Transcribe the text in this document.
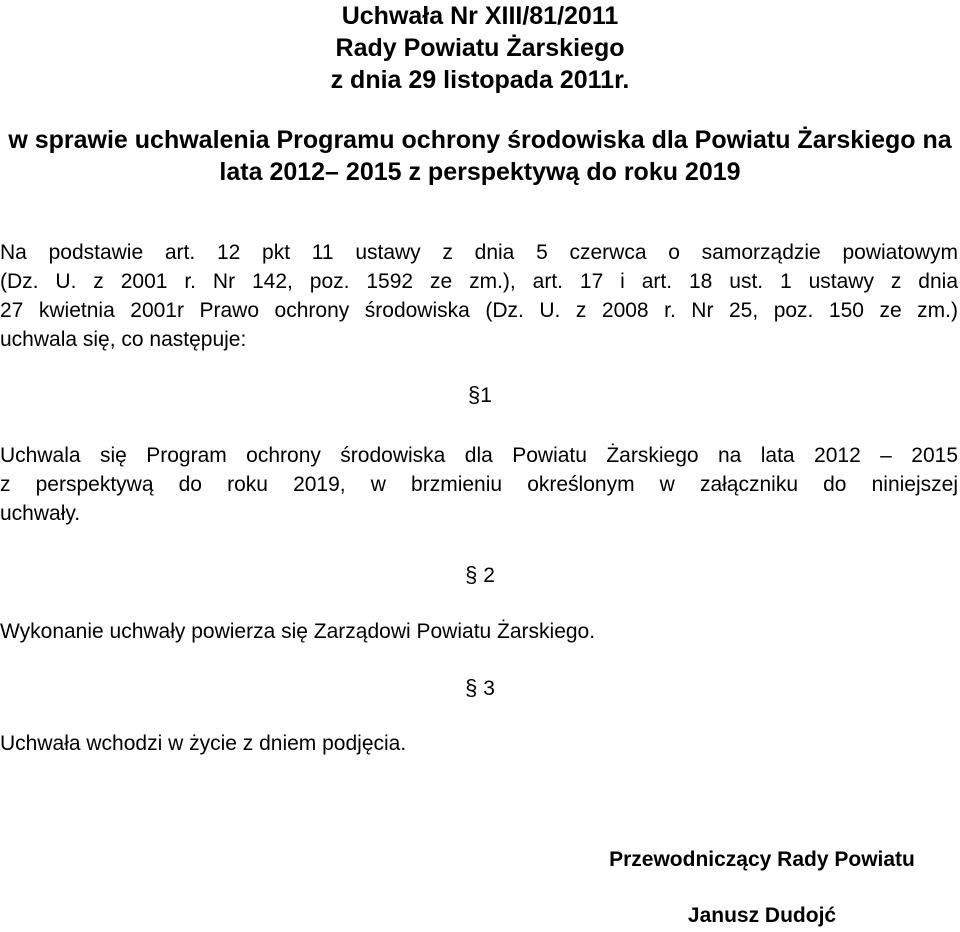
Uchwała Nr XIII/81/2011
Rady Powiatu Żarskiego
z dnia 29 listopada 2011r.
w sprawie uchwalenia Programu ochrony środowiska dla Powiatu Żarskiego na
lata 2012– 2015 z perspektywą do roku 2019
Na podstawie art. 12 pkt 11 ustawy z dnia 5 czerwca o samorządzie powiatowym
(Dz. U. z 2001 r. Nr 142, poz. 1592 ze zm.), art. 17 i art. 18 ust. 1 ustawy z dnia
27 kwietnia 2001r Prawo ochrony środowiska (Dz. U. z 2008 r. Nr 25, poz. 150 ze zm.)
uchwala się, co następuje:
§1
Uchwala się Program ochrony środowiska dla Powiatu Żarskiego na lata 2012 – 2015
z perspektywą do roku 2019, w brzmieniu określonym w załączniku do niniejszej
uchwały.
§ 2
Wykonanie uchwały powierza się Zarządowi Powiatu Żarskiego.
§ 3
Uchwała wchodzi w życie z dniem podjęcia.
Przewodniczący Rady Powiatu
Janusz Dudojć
